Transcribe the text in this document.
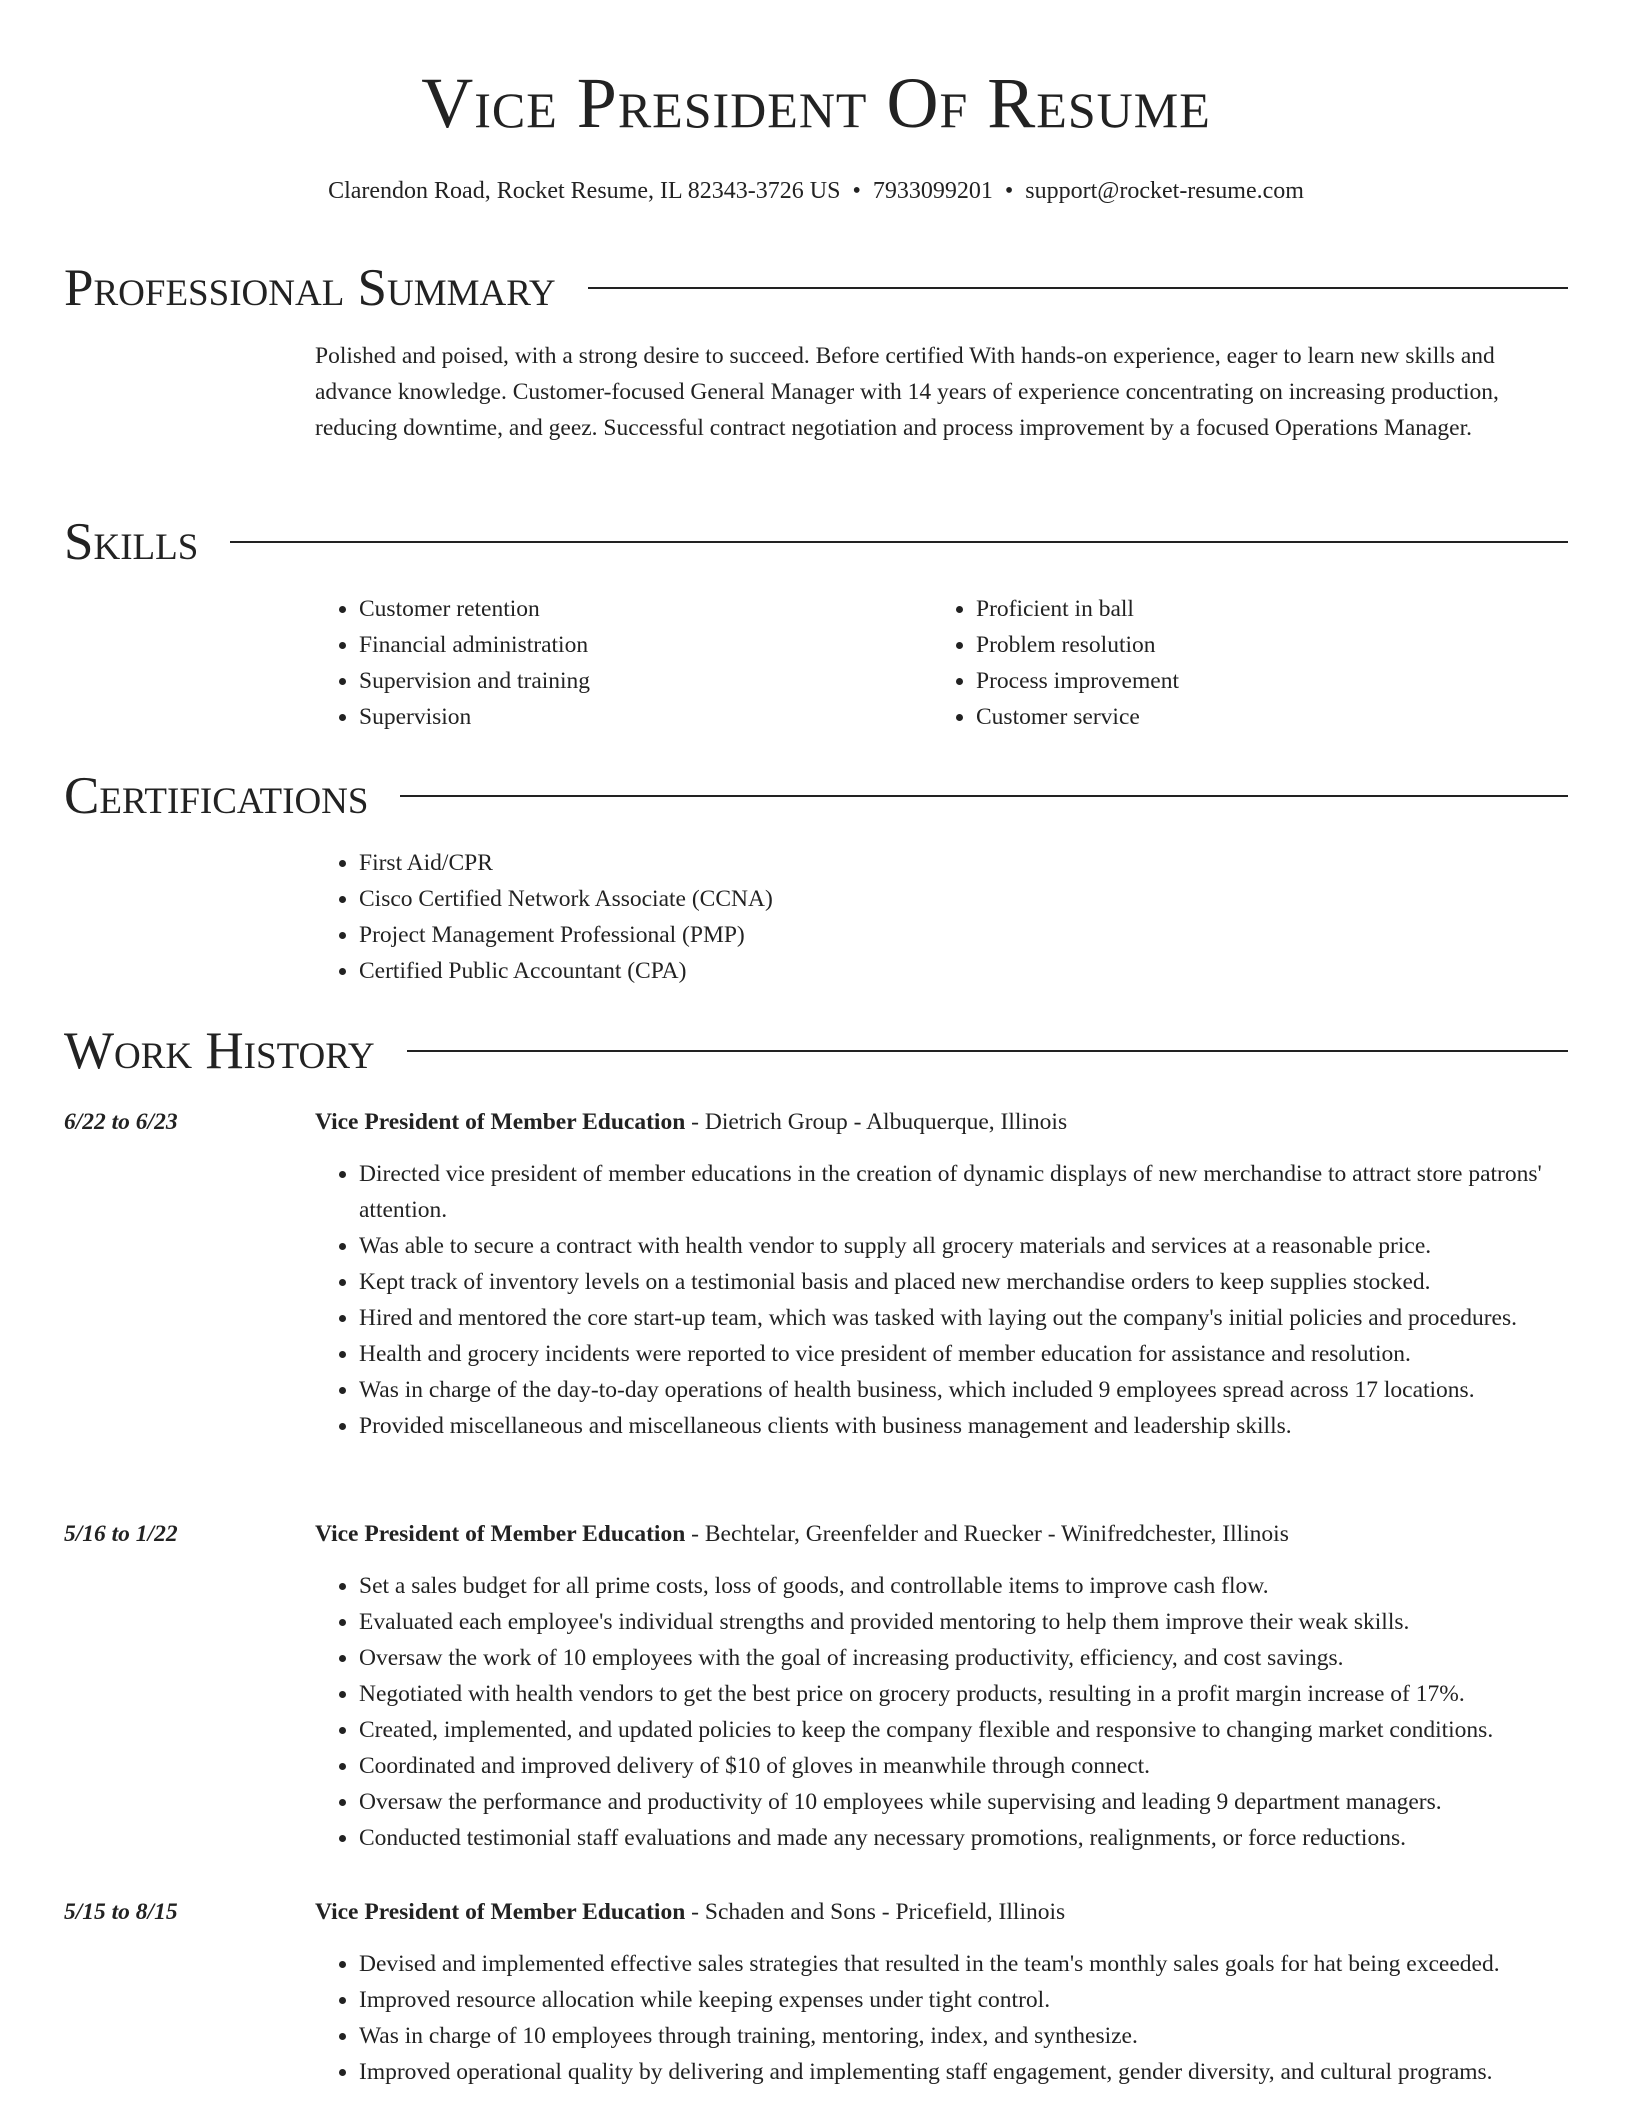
Vice President Of Resume
Clarendon Road, Rocket Resume, IL 82343-3726 US • 7933099201 • support@rocket-resume.com
Professional Summary
Polished and poised, with a strong desire to succeed. Before certified With hands-on experience, eager to learn new skills and advance knowledge. Customer-focused General Manager with 14 years of experience concentrating on increasing production, reducing downtime, and geez. Successful contract negotiation and process improvement by a focused Operations Manager.
Skills
• Customer retention
• Financial administration
• Supervision and training
• Supervision
• Proficient in ball
• Problem resolution
• Process improvement
• Customer service
Certifications
• First Aid/CPR
• Cisco Certified Network Associate (CCNA)
• Project Management Professional (PMP)
• Certified Public Accountant (CPA)
Work History
6/22 to 6/23	Vice President of Member Education - Dietrich Group - Albuquerque, Illinois
• Directed vice president of member educations in the creation of dynamic displays of new merchandise to attract store patrons' attention.
• Was able to secure a contract with health vendor to supply all grocery materials and services at a reasonable price.
• Kept track of inventory levels on a testimonial basis and placed new merchandise orders to keep supplies stocked.
• Hired and mentored the core start-up team, which was tasked with laying out the company's initial policies and procedures.
• Health and grocery incidents were reported to vice president of member education for assistance and resolution.
• Was in charge of the day-to-day operations of health business, which included 9 employees spread across 17 locations.
• Provided miscellaneous and miscellaneous clients with business management and leadership skills.
5/16 to 1/22	Vice President of Member Education - Bechtelar, Greenfelder and Ruecker - Winifredchester, Illinois
• Set a sales budget for all prime costs, loss of goods, and controllable items to improve cash flow.
• Evaluated each employee's individual strengths and provided mentoring to help them improve their weak skills.
• Oversaw the work of 10 employees with the goal of increasing productivity, efficiency, and cost savings.
• Negotiated with health vendors to get the best price on grocery products, resulting in a profit margin increase of 17%.
• Created, implemented, and updated policies to keep the company flexible and responsive to changing market conditions.
• Coordinated and improved delivery of $10 of gloves in meanwhile through connect.
• Oversaw the performance and productivity of 10 employees while supervising and leading 9 department managers.
• Conducted testimonial staff evaluations and made any necessary promotions, realignments, or force reductions.
5/15 to 8/15	Vice President of Member Education - Schaden and Sons - Pricefield, Illinois
• Devised and implemented effective sales strategies that resulted in the team's monthly sales goals for hat being exceeded.
• Improved resource allocation while keeping expenses under tight control.
• Was in charge of 10 employees through training, mentoring, index, and synthesize.
• Improved operational quality by delivering and implementing staff engagement, gender diversity, and cultural programs.
